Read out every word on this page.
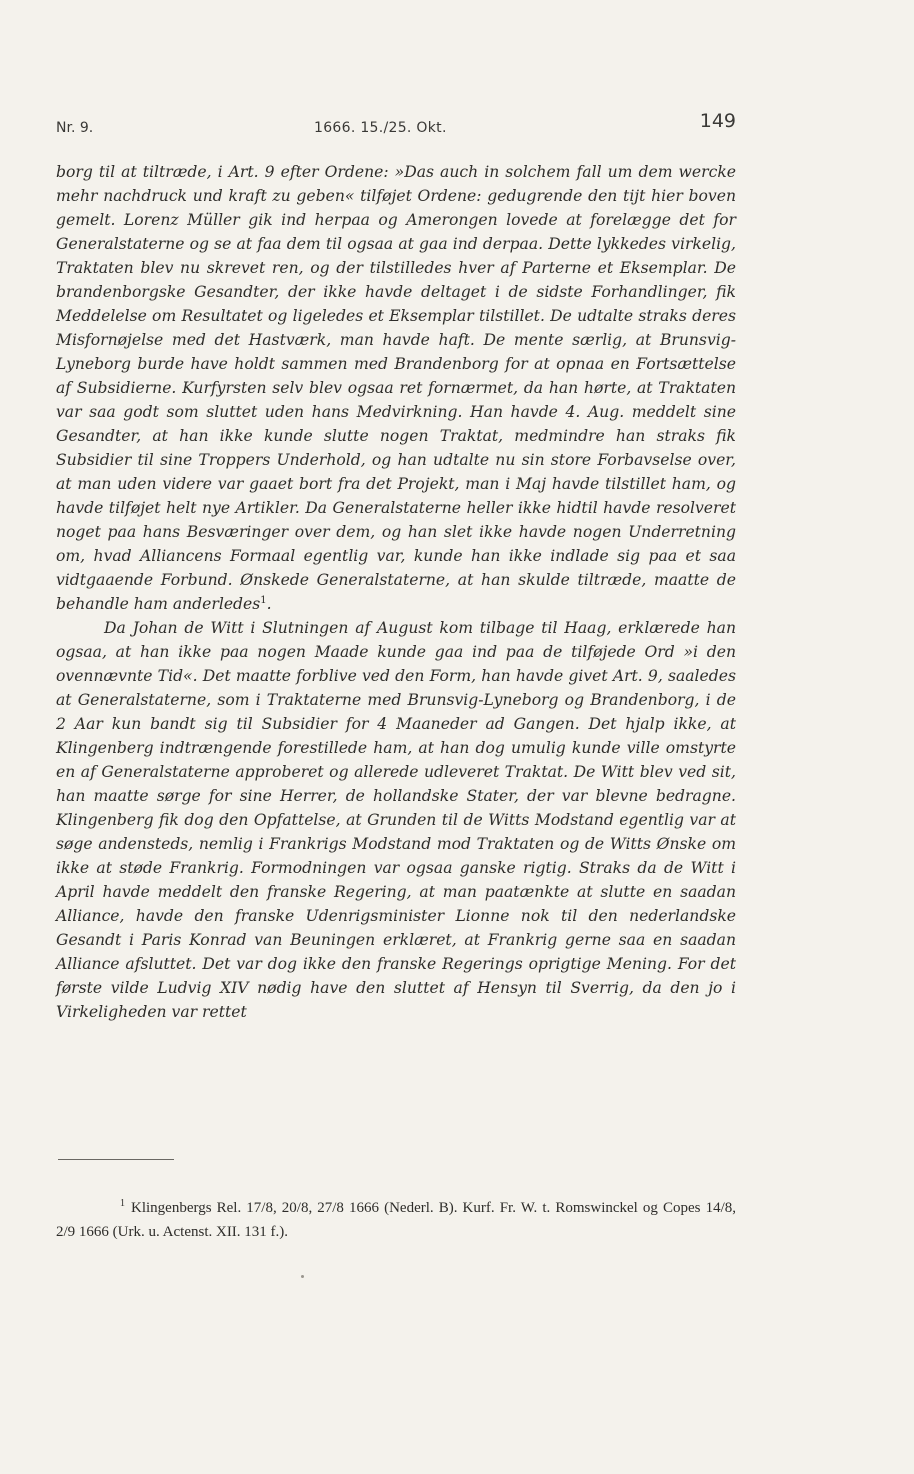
Nr. 9.	1666. 15./25. Okt.	149

borg til at tiltræde, i Art. 9 efter Ordene: »Das auch in solchem fall um dem wercke mehr nachdruck und kraft zu geben« tilføjet Ordene: gedugrende den tijt hier boven gemelt. Lorenz Müller gik ind herpaa og Amerongen lovede at forelægge det for Generalstaterne og se at faa dem til ogsaa at gaa ind derpaa. Dette lykkedes virkelig, Traktaten blev nu skrevet ren, og der tilstilledes hver af Parterne et Eksemplar. De brandenborgske Gesandter, der ikke havde deltaget i de sidste Forhandlinger, fik Meddelelse om Resultatet og ligeledes et Eksemplar tilstillet. De udtalte straks deres Misfornøjelse med det Hastværk, man havde haft. De mente særlig, at Brunsvig-Lyneborg burde have holdt sammen med Brandenborg for at opnaa en Fortsættelse af Subsidierne. Kurfyrsten selv blev ogsaa ret fornærmet, da han hørte, at Traktaten var saa godt som sluttet uden hans Medvirkning. Han havde 4. Aug. meddelt sine Gesandter, at han ikke kunde slutte nogen Traktat, medmindre han straks fik Subsidier til sine Troppers Underhold, og han udtalte nu sin store Forbavselse over, at man uden videre var gaaet bort fra det Projekt, man i Maj havde tilstillet ham, og havde tilføjet helt nye Artikler. Da Generalstaterne heller ikke hidtil havde resolveret noget paa hans Besværinger over dem, og han slet ikke havde nogen Underretning om, hvad Alliancens Formaal egentlig var, kunde han ikke indlade sig paa et saa vidtgaaende Forbund. Ønskede Generalstaterne, at han skulde tiltræde, maatte de behandle ham anderledes$^1$.

Da Johan de Witt i Slutningen af August kom tilbage til Haag, erklærede han ogsaa, at han ikke paa nogen Maade kunde gaa ind paa de tilføjede Ord »i den ovennævnte Tid«. Det maatte forblive ved den Form, han havde givet Art. 9, saaledes at Generalstaterne, som i Traktaterne med Brunsvig-Lyneborg og Brandenborg, i de 2 Aar kun bandt sig til Subsidier for 4 Maaneder ad Gangen. Det hjalp ikke, at Klingenberg indtrængende forestillede ham, at han dog umulig kunde ville omstyrte en af Generalstaterne approberet og allerede udleveret Traktat. De Witt blev ved sit, han maatte sørge for sine Herrer, de hollandske Stater, der var blevne bedragne. Klingenberg fik dog den Opfattelse, at Grunden til de Witts Modstand egentlig var at søge andensteds, nemlig i Frankrigs Modstand mod Traktaten og de Witts Ønske om ikke at støde Frankrig. Formodningen var ogsaa ganske rigtig. Straks da de Witt i April havde meddelt den franske Regering, at man paatænkte at slutte en saadan Alliance, havde den franske Udenrigsminister Lionne nok til den nederlandske Gesandt i Paris Konrad van Beuningen erklæret, at Frankrig gerne saa en saadan Alliance afsluttet. Det var dog ikke den franske Regerings oprigtige Mening. For det første vilde Ludvig XIV nødig have den sluttet af Hensyn til Sverrig, da den jo i Virkeligheden var rettet

$^1$ Klingenbergs Rel. 17/8, 20/8, 27/8 1666 (Nederl. B). Kurf. Fr. W. t. Romswinckel og Copes 14/8, 2/9 1666 (Urk. u. Actenst. XII. 131 f.).
